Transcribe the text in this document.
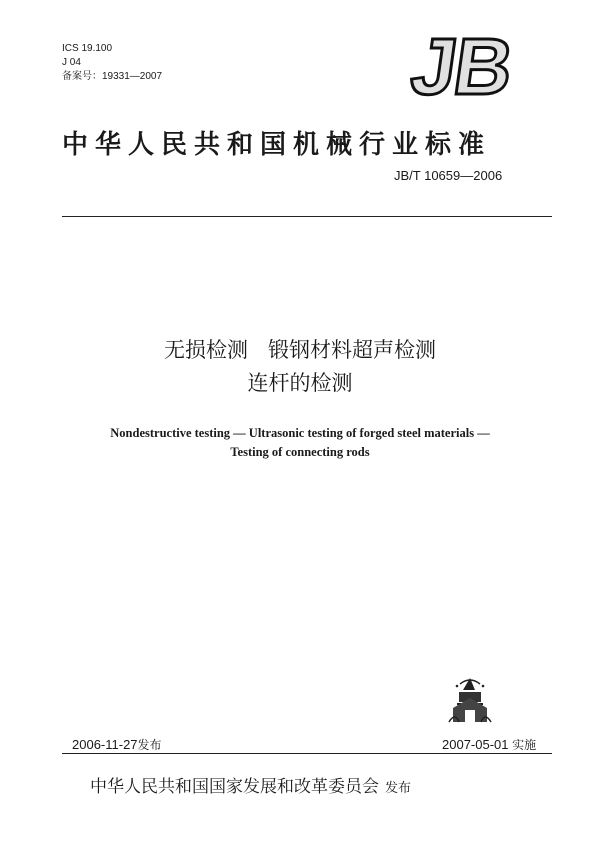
ICS 19.100
J 04
备案号：19331—2007	JB
中华人民共和国机械行业标准
JB/T 10659—2006
无损检测   锻钢材料超声检测
连杆的检测
Nondestructive testing — Ultrasonic testing of forged steel materials —
Testing of connecting rods
2006-11-27发布	2007-05-01 实施
中华人民共和国国家发展和改革委员会 发布
